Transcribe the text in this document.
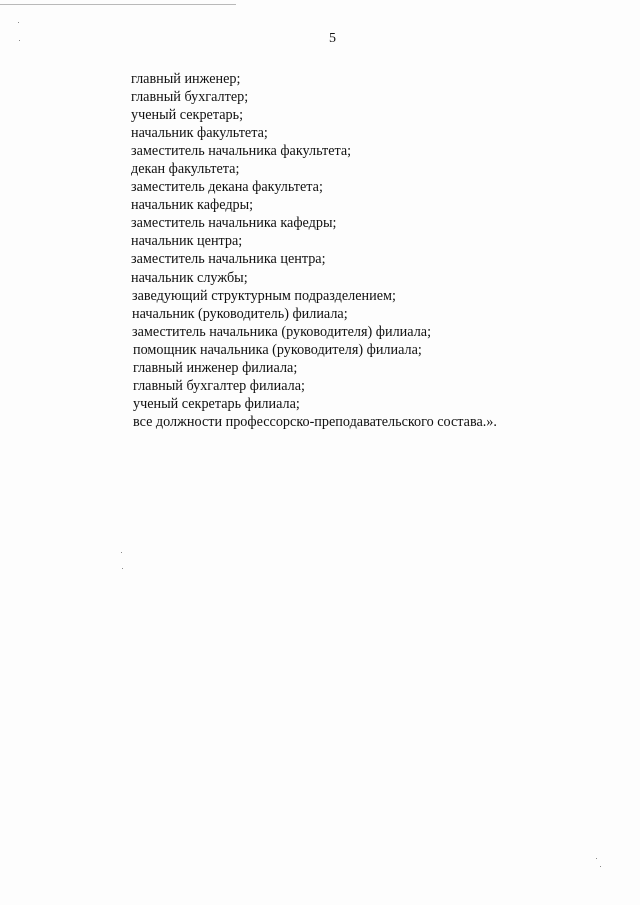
5
главный инженер;
главный бухгалтер;
ученый секретарь;
начальник факультета;
заместитель начальника факультета;
декан факультета;
заместитель декана факультета;
начальник кафедры;
заместитель начальника кафедры;
начальник центра;
заместитель начальника центра;
начальник службы;
заведующий структурным подразделением;
начальник (руководитель) филиала;
заместитель начальника (руководителя) филиала;
помощник начальника (руководителя) филиала;
главный инженер филиала;
главный бухгалтер филиала;
ученый секретарь филиала;
все должности профессорско-преподавательского состава.».
